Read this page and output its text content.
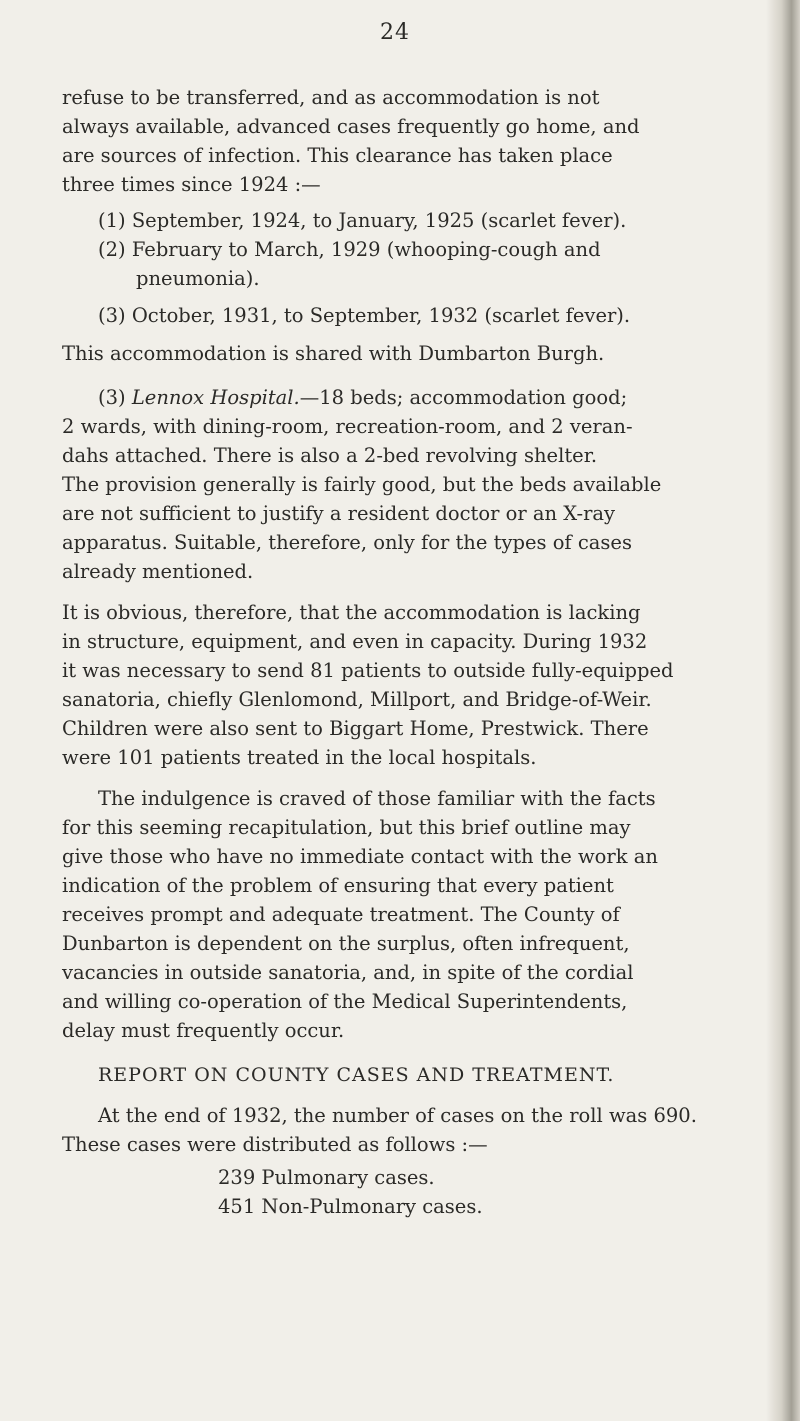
24
refuse to be transferred, and as accommodation is not
always available, advanced cases frequently go home, and
are sources of infection. This clearance has taken place
three times since 1924 :—
(1) September, 1924, to January, 1925 (scarlet fever).
(2) February to March, 1929 (whooping-cough and
pneumonia).
(3) October, 1931, to September, 1932 (scarlet fever).
This accommodation is shared with Dumbarton Burgh.
(3) Lennox Hospital.—18 beds; accommodation good;
2 wards, with dining-room, recreation-room, and 2 veran-
dahs attached. There is also a 2-bed revolving shelter.
The provision generally is fairly good, but the beds available
are not sufficient to justify a resident doctor or an X-ray
apparatus. Suitable, therefore, only for the types of cases
already mentioned.
It is obvious, therefore, that the accommodation is lacking
in structure, equipment, and even in capacity. During 1932
it was necessary to send 81 patients to outside fully-equipped
sanatoria, chiefly Glenlomond, Millport, and Bridge-of-Weir.
Children were also sent to Biggart Home, Prestwick. There
were 101 patients treated in the local hospitals.
The indulgence is craved of those familiar with the facts
for this seeming recapitulation, but this brief outline may
give those who have no immediate contact with the work an
indication of the problem of ensuring that every patient
receives prompt and adequate treatment. The County of
Dunbarton is dependent on the surplus, often infrequent,
vacancies in outside sanatoria, and, in spite of the cordial
and willing co-operation of the Medical Superintendents,
delay must frequently occur.
REPORT ON COUNTY CASES AND TREATMENT.
At the end of 1932, the number of cases on the roll was 690.
These cases were distributed as follows :—
239 Pulmonary cases.
451 Non-Pulmonary cases.
